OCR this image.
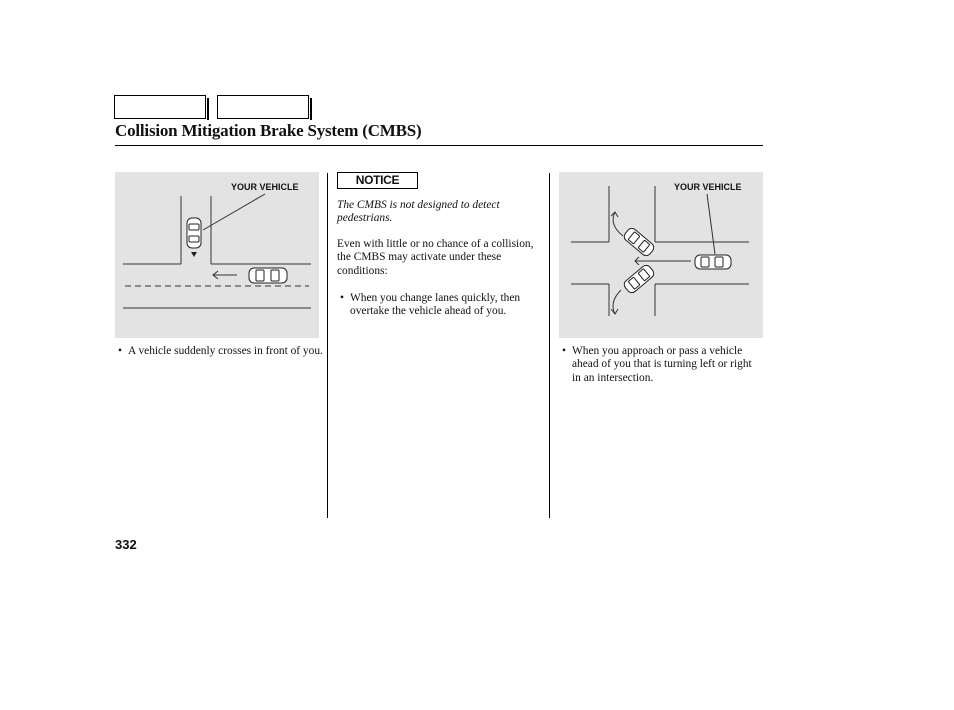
Collision Mitigation Brake System (CMBS)
YOUR VEHICLE
• A vehicle suddenly crosses in front of you.
NOTICE
The CMBS is not designed to detect pedestrians.
Even with little or no chance of a collision, the CMBS may activate under these conditions:
• When you change lanes quickly, then overtake the vehicle ahead of you.
YOUR VEHICLE
• When you approach or pass a vehicle ahead of you that is turning left or right in an intersection.
332
